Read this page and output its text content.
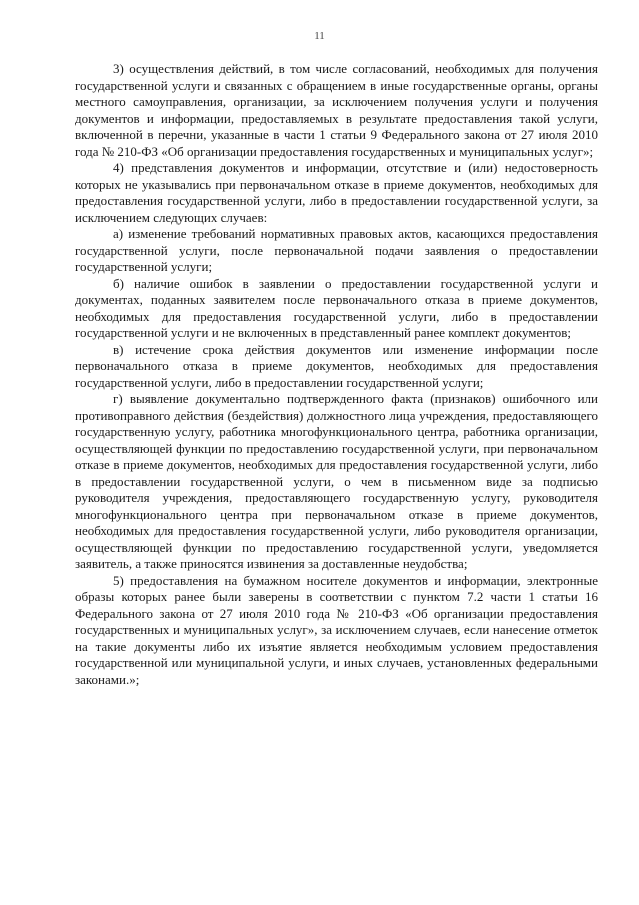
11

3) осуществления действий, в том числе согласований, необходимых для получения государственной услуги и связанных с обращением в иные государственные органы, органы местного самоуправления, организации, за исключением получения услуги и получения документов и информации, предоставляемых в результате предоставления такой услуги, включенной в перечни, указанные в части 1 статьи 9 Федерального закона от 27 июля 2010 года № 210-ФЗ «Об организации предоставления государственных и муниципальных услуг»;

4) представления документов и информации, отсутствие и (или) недостоверность которых не указывались при первоначальном отказе в приеме документов, необходимых для предоставления государственной услуги, либо в предоставлении государственной услуги, за исключением следующих случаев:

а) изменение требований нормативных правовых актов, касающихся предоставления государственной услуги, после первоначальной подачи заявления о предоставлении государственной услуги;

б) наличие ошибок в заявлении о предоставлении государственной услуги и документах, поданных заявителем после первоначального отказа в приеме документов, необходимых для предоставления государственной услуги, либо в предоставлении государственной услуги и не включенных в представленный ранее комплект документов;

в) истечение срока действия документов или изменение информации после первоначального отказа в приеме документов, необходимых для предоставления государственной услуги, либо в предоставлении государственной услуги;

г) выявление документально подтвержденного факта (признаков) ошибочного или противоправного действия (бездействия) должностного лица учреждения, предоставляющего государственную услугу, работника многофункционального центра, работника организации, осуществляющей функции по предоставлению государственной услуги, при первоначальном отказе в приеме документов, необходимых для предоставления государственной услуги, либо в предоставлении государственной услуги, о чем в письменном виде за подписью руководителя учреждения, предоставляющего государственную услугу, руководителя многофункционального центра при первоначальном отказе в приеме документов, необходимых для предоставления государственной услуги, либо руководителя организации, осуществляющей функции по предоставлению государственной услуги, уведомляется заявитель, а также приносятся извинения за доставленные неудобства;

5) предоставления на бумажном носителе документов и информации, электронные образы которых ранее были заверены в соответствии с пунктом 7.2 части 1 статьи 16 Федерального закона от 27 июля 2010 года № 210-ФЗ «Об организации предоставления государственных и муниципальных услуг», за исключением случаев, если нанесение отметок на такие документы либо их изъятие является необходимым условием предоставления государственной или муниципальной услуги, и иных случаев, установленных федеральными законами.»;
